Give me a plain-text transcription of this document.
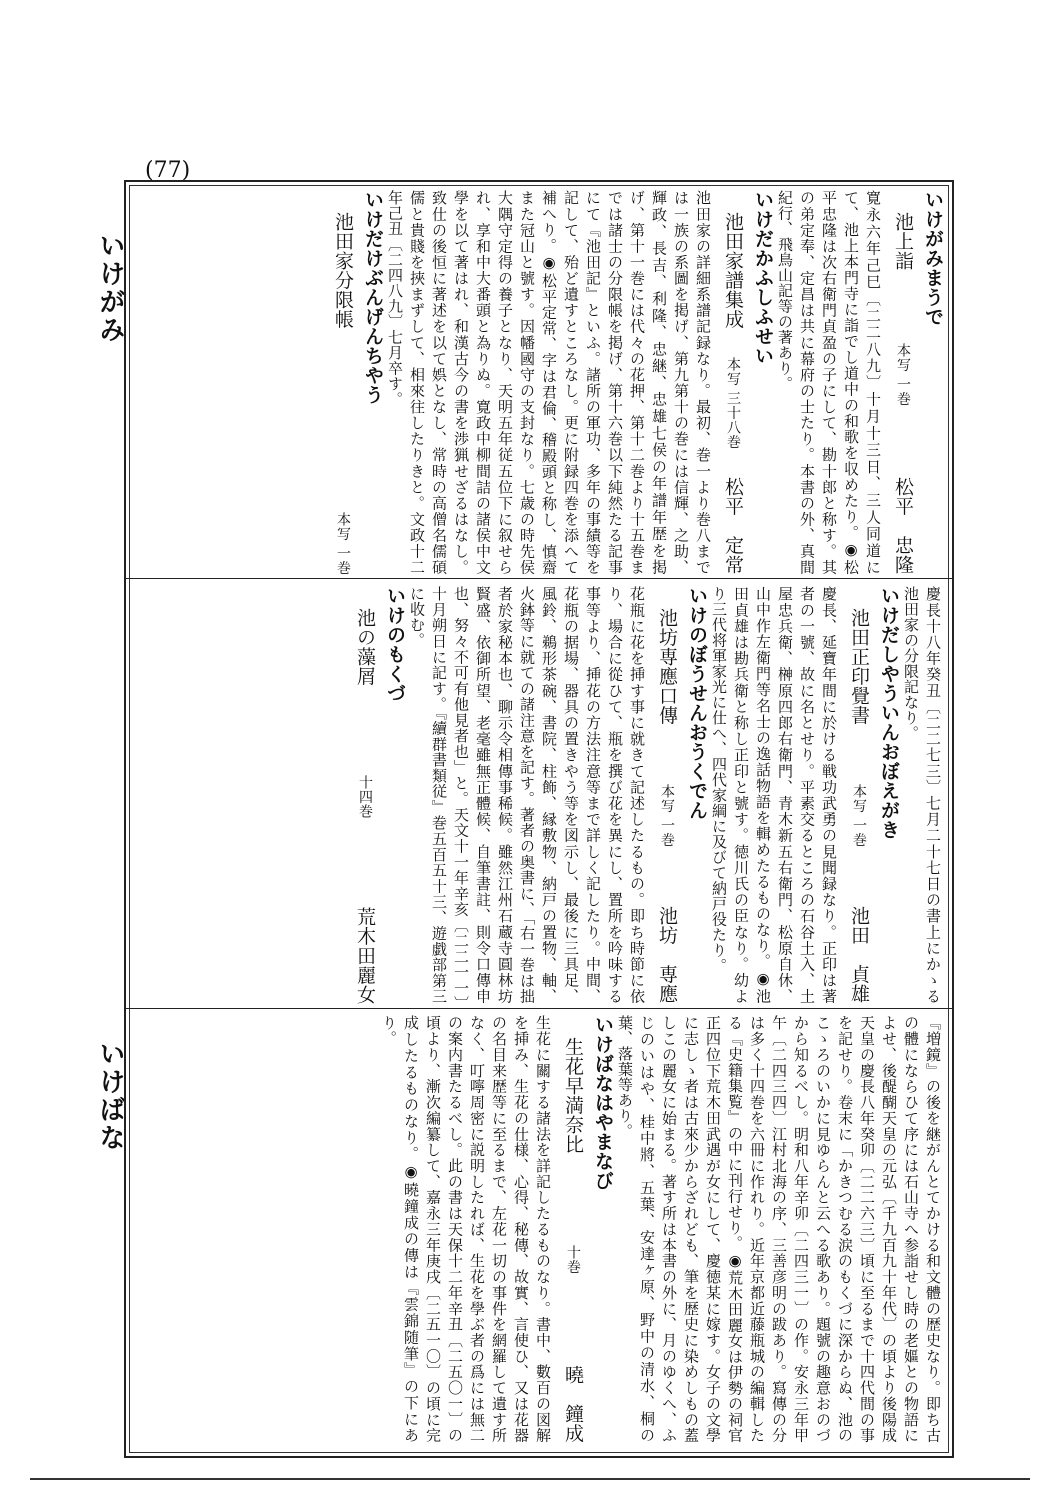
(77)
いけがみ
いけばな
いけがみまうで
池上詣
本写 一巻
松平　忠隆
寛永六年己巳〔二二八九〕十月十三日、三人同道にて、池上本門寺に詣でし道中の和歌を収めたり。◉松平忠隆は次右衛門貞盈の子にして、勘十郎と称す。其の弟定奉、定昌は共に幕府の士たり。本書の外、真間紀行、飛鳥山記等の著あり。
いけだかふしふせい
池田家譜集成
本写 三十八巻
松平　定常
池田家の詳細系譜記録なり。最初、巻一より巻八までは一族の系圖を掲げ、第九第十の巻には信輝、之助、輝政、長吉、利隆、忠継、忠雄七侯の年譜年歴を掲げ、第十一巻には代々の花押、第十二巻より十五巻までは諸士の分限帳を掲げ、第十六巻以下純然たる記事にて『池田記』といふ。諸所の軍功、多年の事績等を記して、殆ど遺すところなし。更に附録四巻を添へて補へり。◉松平定常、字は君倫、稽殿頭と称し、慎齋また冠山と號す。因幡國守の支封なり。七歳の時先侯大隅守定得の養子となり、天明五年従五位下に叙せられ、享和中大番頭と為りぬ。寛政中柳間詰の諸侯中文學を以て著はれ、和漢古今の書を渉猟せざるはなし。致仕の後恒に著述を以て娯となし、常時の高僧名儒碩儒と貴賤を挾まずして、相來往したりきと。文政十二年己丑〔二四八九〕七月卒す。
いけだけぶんげんちやう
池田家分限帳
本写 一巻
慶長十八年癸丑〔二二七三〕七月二十七日の書上にかゝる池田家の分限記なり。
いけだしやういんおぼえがき
池田正印覺書
本写 一巻
池田　貞雄
慶長、延寶年間に於ける戦功武勇の見聞録なり。正印は著者の一號、故に名とせり。平素交るところの石谷土入、土屋忠兵衛、榊原四郎右衛門、青木新五右衛門、松原自休、山中作左衛門等名士の逸話物語を輯めたるものなり。◉池田貞雄は勘兵衛と称し正印と號す。徳川氏の臣なり。幼より三代将軍家光に仕へ、四代家綱に及びて納戸役たり。
いけのぼうせんおうくでん
池坊専應口傳
本写 一巻
池坊　専應
花瓶に花を挿す事に就きて記述したるもの。即ち時節に依り、場合に從ひて、瓶を撰び花を異にし、置所を吟味する事等より、挿花の方法注意等まで詳しく記したり。中間、花瓶の据場、器具の置きやう等を図示し、最後に三具足、風鈴、鵜形茶碗、書院、柱飾、縁敷物、納戸の置物、軸、火鉢等に就ての諸注意を記す。著者の奥書に、「右一巻は拙者於家秘本也、聊示令相傳事稀候。雖然江州石蔵寺圓林坊賢盛、依御所望、老毫雖無正體候、自筆書註、則令口傳申也、努々不可有他見者也」と。天文十一年辛亥〔二二一一〕十月朔日に記す。『續群書類従』巻五百五十三、遊戯部第三に收む。
いけのもくづ
池の藻屑
十四巻
荒木田麗女
『増鏡』の後を継がんとてかける和文體の歴史なり。即ち古の體にならひて序には石山寺へ参詣せし時の老嫗との物語によせ、後醍醐天皇の元弘〔千九百九十年代〕の頃より後陽成天皇の慶長八年癸卯〔二二六三〕頃に至るまで十四代間の事を記せり。卷末に「かきつむる涙のもくづに深からぬ、池のこゝろのいかに見ゆらんと云へる歌あり。題號の趣意おのづから知るべし。明和八年辛卯〔二四三一〕の作。安永三年甲午〔二四三四〕江村北海の序、三善彦明の跋あり。寫傳の分は多く十四巻を六冊に作れり。近年京都近藤瓶城の編輯したる『史籍集覧』の中に刊行せり。◉荒木田麗女は伊勢の祠官正四位下荒木田武遇が女にして、慶徳某に嫁す。女子の文學に志しゝ者は古來少からざれども、筆を歴史に染めしもの蓋しこの麗女に始まる。著す所は本書の外に、月のゆくへ、ふじのいはや、桂中將、五葉、安達ヶ原、野中の清水、桐の葉、落葉等あり。
いけばなはやまなび
生花早満奈比
十巻
曉　鐘成
生花に關する諸法を詳記したるものなり。書中、數百の図解を挿み、生花の仕様、心得、秘傳、故實、言使ひ、又は花器の名目来歴等に至るまで、左花一切の事件を網羅して遺す所なく、叮嚀周密に説明したれば、生花を學ぶ者の爲には無二の案内書たるべし。此の書は天保十二年辛丑〔二五〇一〕の頃より、漸次編纂して、嘉永三年庚戌〔二五一〇〕の頃に完成したるものなり。◉曉鐘成の傳は『雲錦随筆』の下にあり。
